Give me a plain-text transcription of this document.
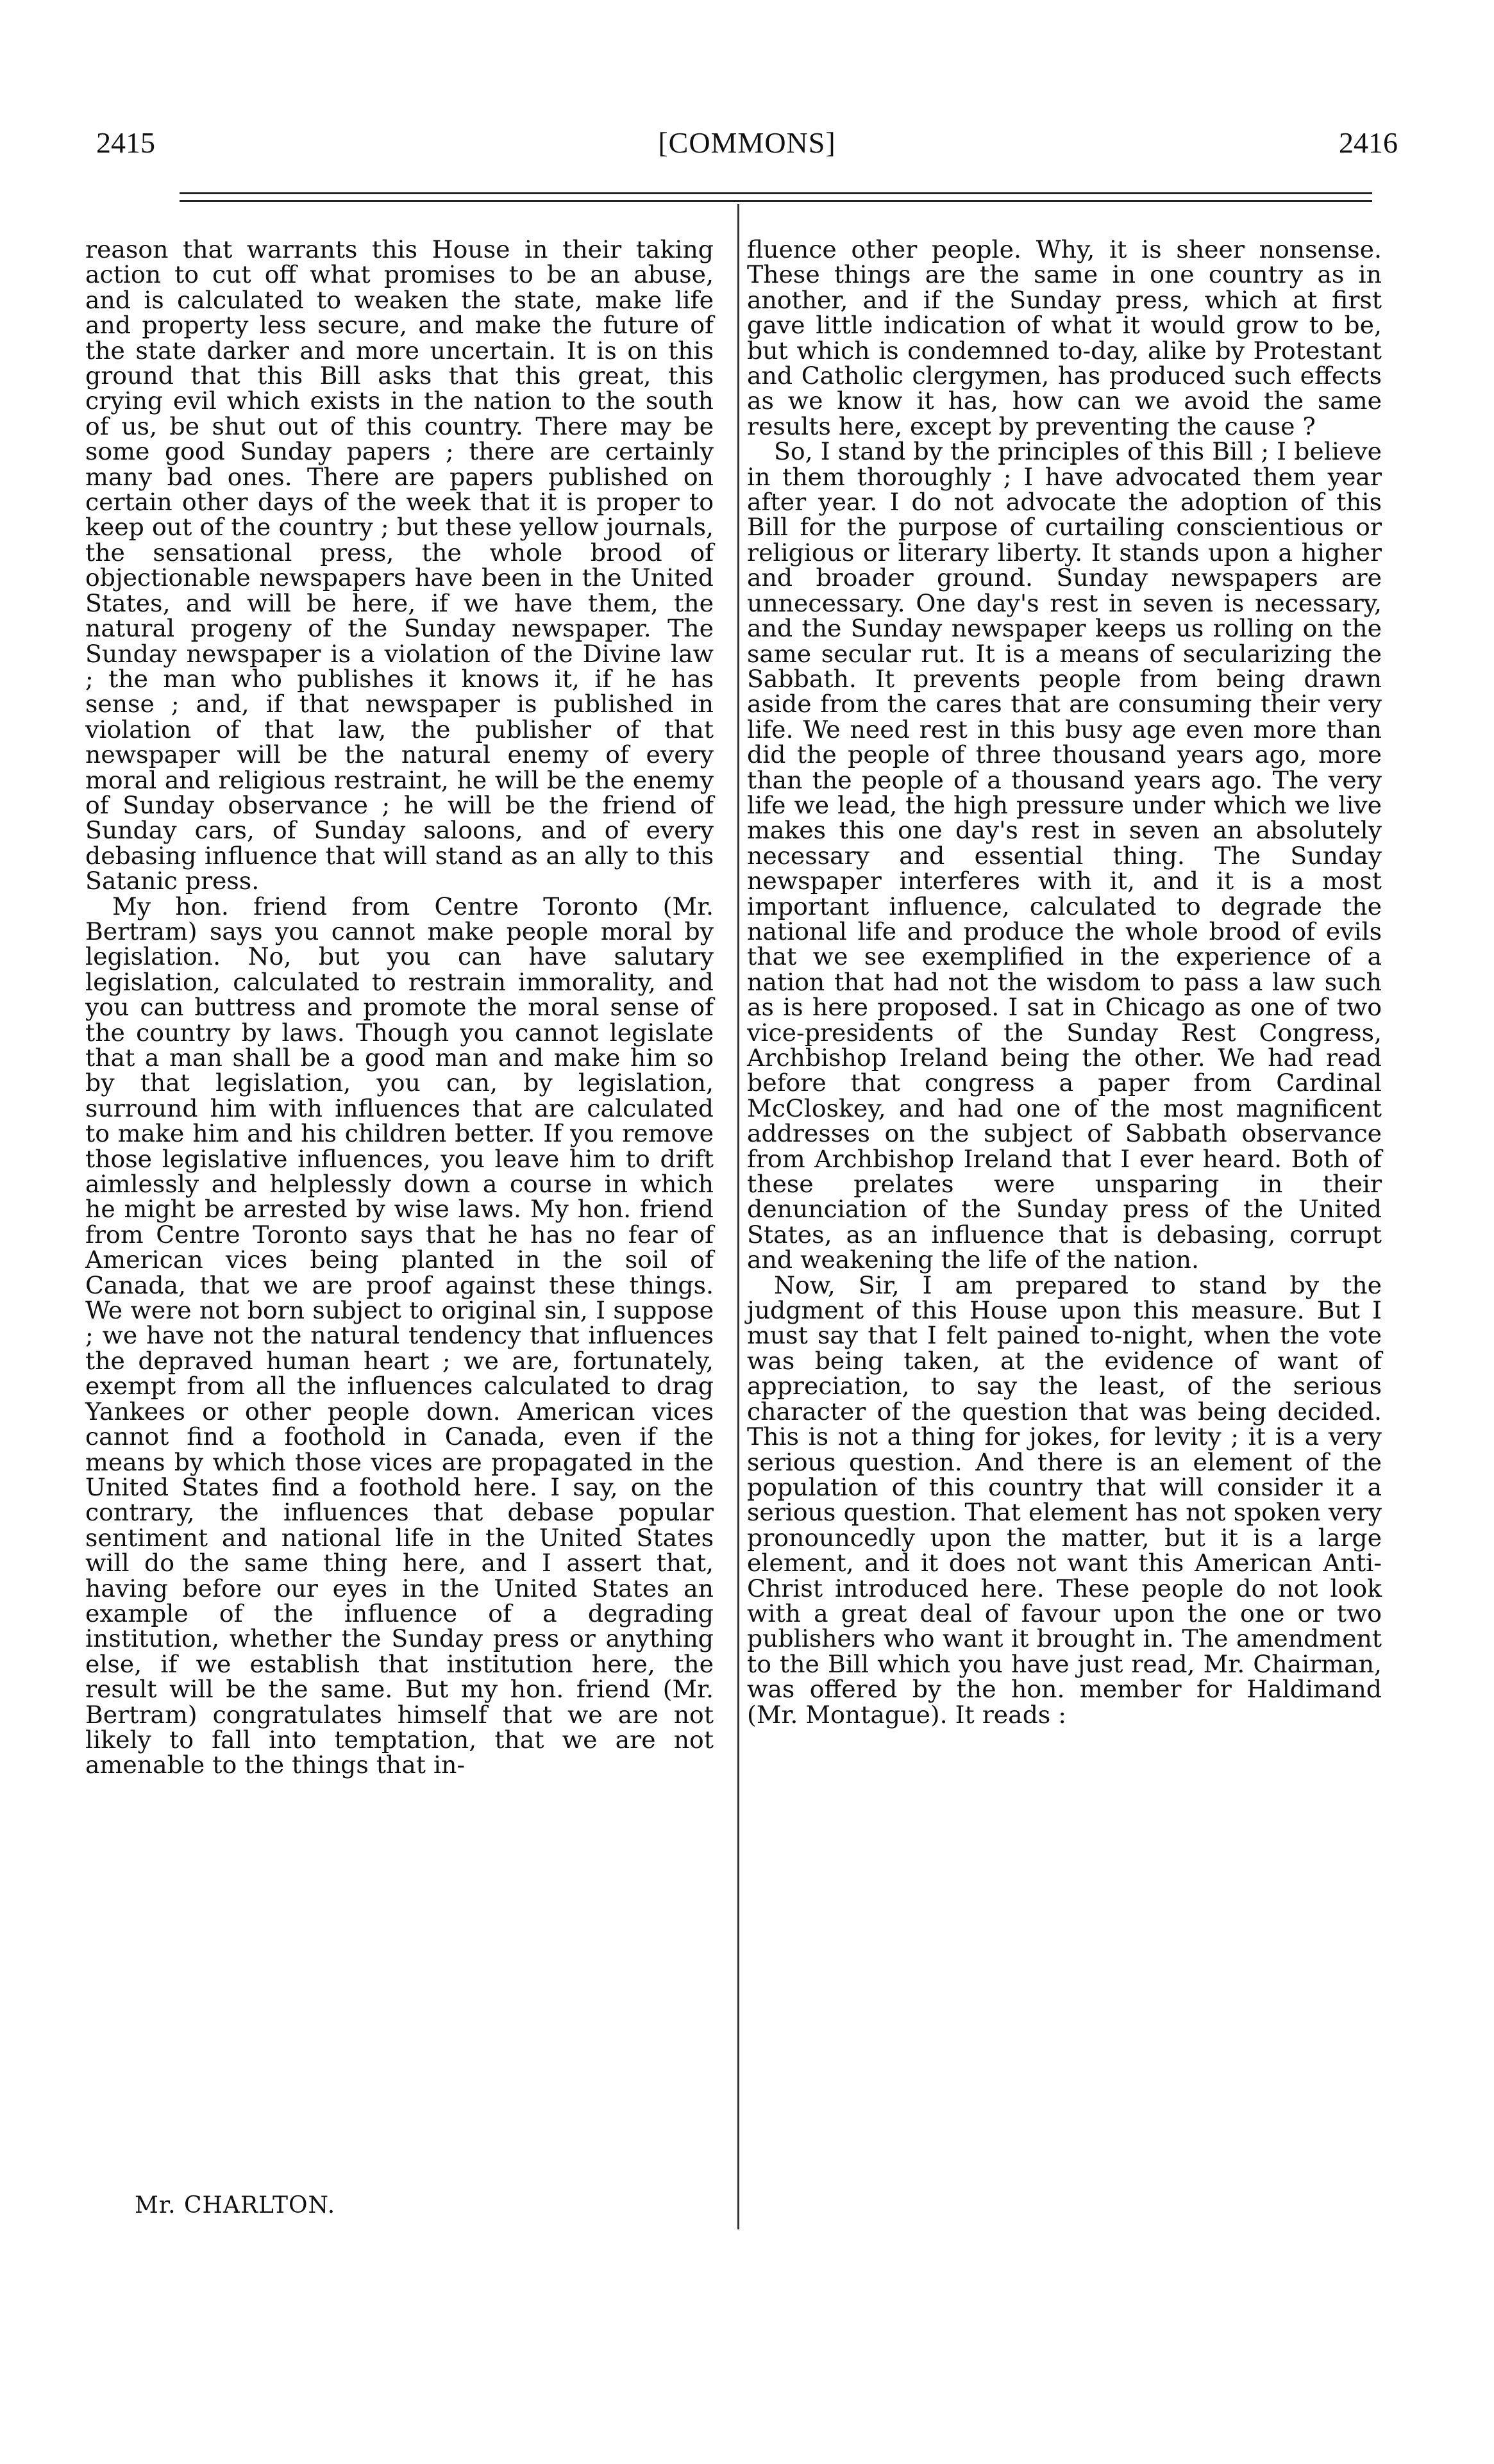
2415	[COMMONS]	2416

reason that warrants this House in their taking action to cut off what promises to be an abuse, and is calculated to weaken the state, make life and property less secure, and make the future of the state darker and more uncertain. It is on this ground that this Bill asks that this great, this crying evil which exists in the nation to the south of us, be shut out of this country. There may be some good Sunday papers ; there are certainly many bad ones. There are papers published on certain other days of the week that it is proper to keep out of the country ; but these yellow journals, the sensational press, the whole brood of objectionable newspapers have been in the United States, and will be here, if we have them, the natural progeny of the Sunday newspaper. The Sunday newspaper is a violation of the Divine law ; the man who publishes it knows it, if he has sense ; and, if that newspaper is published in violation of that law, the publisher of that newspaper will be the natural enemy of every moral and religious restraint, he will be the enemy of Sunday observance ; he will be the friend of Sunday cars, of Sunday saloons, and of every debasing influence that will stand as an ally to this Satanic press.

My hon. friend from Centre Toronto (Mr. Bertram) says you cannot make people moral by legislation. No, but you can have salutary legislation, calculated to restrain immorality, and you can buttress and promote the moral sense of the country by laws. Though you cannot legislate that a man shall be a good man and make him so by that legislation, you can, by legislation, surround him with influences that are calculated to make him and his children better. If you remove those legislative influences, you leave him to drift aimlessly and helplessly down a course in which he might be arrested by wise laws. My hon. friend from Centre Toronto says that he has no fear of American vices being planted in the soil of Canada, that we are proof against these things. We were not born subject to original sin, I suppose ; we have not the natural tendency that influences the depraved human heart ; we are, fortunately, exempt from all the influences calculated to drag Yankees or other people down. American vices cannot find a foothold in Canada, even if the means by which those vices are propagated in the United States find a foothold here. I say, on the contrary, the influences that debase popular sentiment and national life in the United States will do the same thing here, and I assert that, having before our eyes in the United States an example of the influence of a degrading institution, whether the Sunday press or anything else, if we establish that institution here, the result will be the same. But my hon. friend (Mr. Bertram) congratulates himself that we are not likely to fall into temptation, that we are not amenable to the things that in-

fluence other people. Why, it is sheer nonsense. These things are the same in one country as in another, and if the Sunday press, which at first gave little indication of what it would grow to be, but which is condemned to-day, alike by Protestant and Catholic clergymen, has produced such effects as we know it has, how can we avoid the same results here, except by preventing the cause ?

So, I stand by the principles of this Bill ; I believe in them thoroughly ; I have advocated them year after year. I do not advocate the adoption of this Bill for the purpose of curtailing conscientious or religious or literary liberty. It stands upon a higher and broader ground. Sunday newspapers are unnecessary. One day's rest in seven is necessary, and the Sunday newspaper keeps us rolling on the same secular rut. It is a means of secularizing the Sabbath. It prevents people from being drawn aside from the cares that are consuming their very life. We need rest in this busy age even more than did the people of three thousand years ago, more than the people of a thousand years ago. The very life we lead, the high pressure under which we live makes this one day's rest in seven an absolutely necessary and essential thing. The Sunday newspaper interferes with it, and it is a most important influence, calculated to degrade the national life and produce the whole brood of evils that we see exemplified in the experience of a nation that had not the wisdom to pass a law such as is here proposed. I sat in Chicago as one of two vice-presidents of the Sunday Rest Congress, Archbishop Ireland being the other. We had read before that congress a paper from Cardinal McCloskey, and had one of the most magnificent addresses on the subject of Sabbath observance from Archbishop Ireland that I ever heard. Both of these prelates were unsparing in their denunciation of the Sunday press of the United States, as an influence that is debasing, corrupt and weakening the life of the nation.

Now, Sir, I am prepared to stand by the judgment of this House upon this measure. But I must say that I felt pained to-night, when the vote was being taken, at the evidence of want of appreciation, to say the least, of the serious character of the question that was being decided. This is not a thing for jokes, for levity ; it is a very serious question. And there is an element of the population of this country that will consider it a serious question. That element has not spoken very pronouncedly upon the matter, but it is a large element, and it does not want this American Anti-Christ introduced here. These people do not look with a great deal of favour upon the one or two publishers who want it brought in. The amendment to the Bill which you have just read, Mr. Chairman, was offered by the hon. member for Haldimand (Mr. Montague). It reads :

Mr. CHARLTON.
